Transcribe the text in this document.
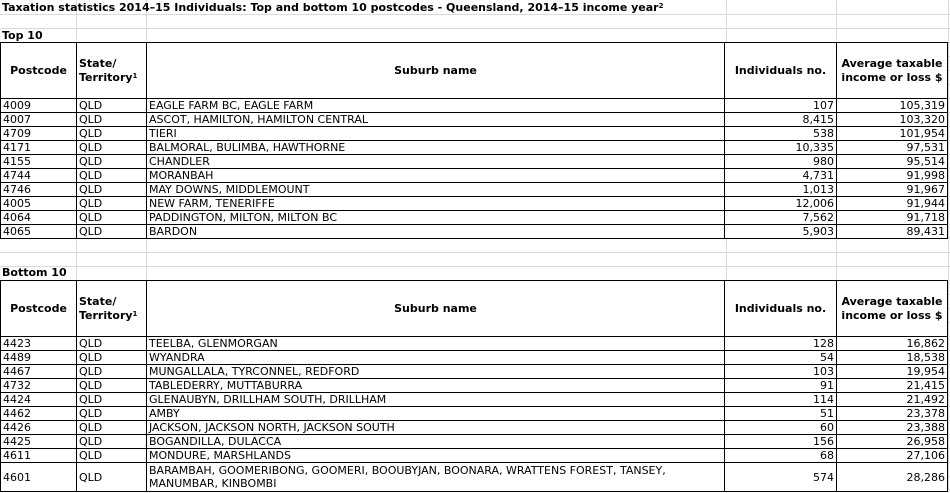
Taxation statistics 2014–15 Individuals: Top and bottom 10 postcodes - Queensland, 2014–15 income year$^2$
Top 10
Postcode	State/ Territory$^1$	Suburb name	Individuals no.	Average taxable income or loss $
4009	QLD	EAGLE FARM BC, EAGLE FARM	107	105,319
4007	QLD	ASCOT, HAMILTON, HAMILTON CENTRAL	8,415	103,320
4709	QLD	TIERI	538	101,954
4171	QLD	BALMORAL, BULIMBA, HAWTHORNE	10,335	97,531
4155	QLD	CHANDLER	980	95,514
4744	QLD	MORANBAH	4,731	91,998
4746	QLD	MAY DOWNS, MIDDLEMOUNT	1,013	91,967
4005	QLD	NEW FARM, TENERIFFE	12,006	91,944
4064	QLD	PADDINGTON, MILTON, MILTON BC	7,562	91,718
4065	QLD	BARDON	5,903	89,431
Bottom 10
Postcode	State/ Territory$^1$	Suburb name	Individuals no.	Average taxable income or loss $
4423	QLD	TEELBA, GLENMORGAN	128	16,862
4489	QLD	WYANDRA	54	18,538
4467	QLD	MUNGALLALA, TYRCONNEL, REDFORD	103	19,954
4732	QLD	TABLEDERRY, MUTTABURRA	91	21,415
4424	QLD	GLENAUBYN, DRILLHAM SOUTH, DRILLHAM	114	21,492
4462	QLD	AMBY	51	23,378
4426	QLD	JACKSON, JACKSON NORTH, JACKSON SOUTH	60	23,388
4425	QLD	BOGANDILLA, DULACCA	156	26,958
4611	QLD	MONDURE, MARSHLANDS	68	27,106
4601	QLD	BARAMBAH, GOOMERIBONG, GOOMERI, BOOUBYJAN, BOONARA, WRATTENS FOREST, TANSEY, MANUMBAR, KINBOMBI	574	28,286
